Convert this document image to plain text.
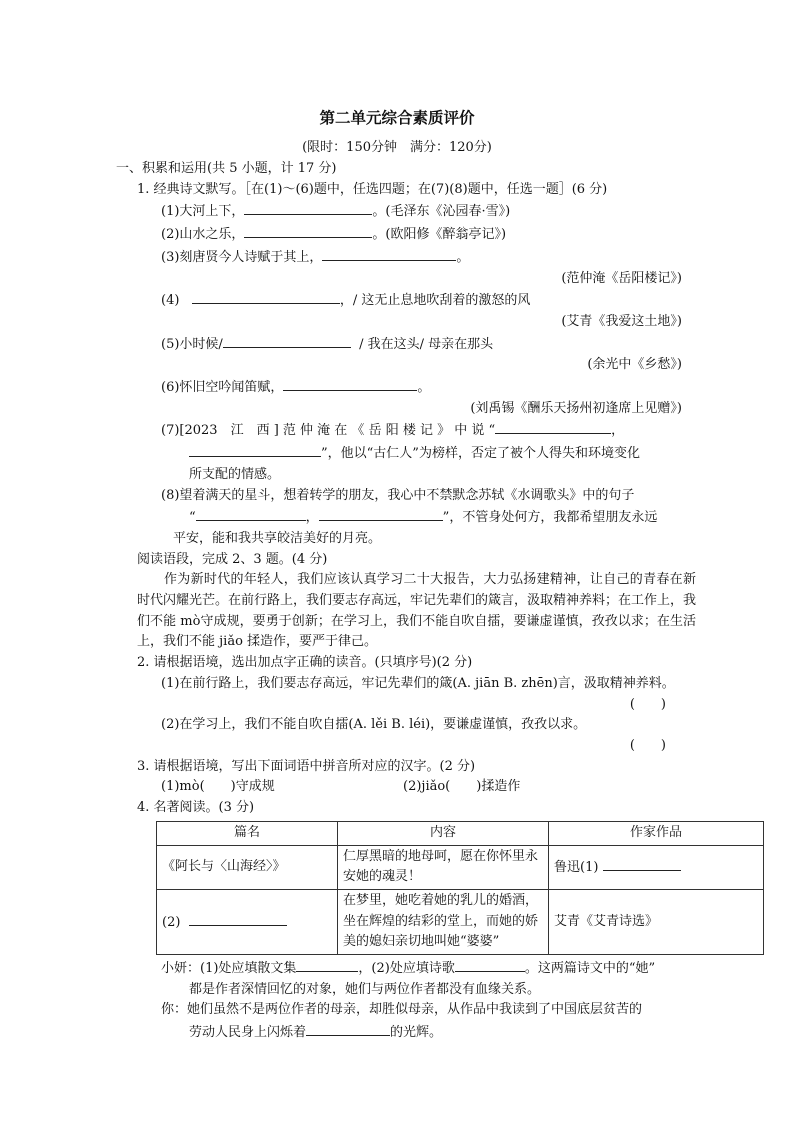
第二单元综合素质评价
(限时：150分钟　满分：120分)
一、积累和运用(共 5 小题，计 17 分)
1. 经典诗文默写。［在(1)～(6)题中，任选四题；在(7)(8)题中，任选一题］(6 分)
(1)大河上下，	。(毛泽东《沁园春·雪》)
(2)山水之乐，	。(欧阳修《醉翁亭记》)
(3)刻唐贤今人诗赋于其上，	。
(范仲淹《岳阳楼记》)
(4)	，/ 这无止息地吹刮着的激怒的风
(艾青《我爱这土地》)
(5)小时候/	/ 我在这头/ 母亲在那头
(余光中《乡愁》)
(6)怀旧空吟闻笛赋，	。
(刘禹锡《酬乐天扬州初逢席上见赠》)
(7)[2023　江　西 ] 范 仲 淹 在 《 岳 阳 楼 记 》 中 说 “	，
”，他以“古仁人”为榜样，否定了被个人得失和环境变化
所支配的情感。
(8)望着满天的星斗，想着转学的朋友，我心中不禁默念苏轼《水调歌头》中的句子
“	，	”，不管身处何方，我都希望朋友永远
平安，能和我共享皎洁美好的月亮。
阅读语段，完成 2、3 题。(4 分)
作为新时代的年轻人，我们应该认真学习二十大报告，大力弘扬建精神，让自己的青春在新时代闪耀光芒。在前行路上，我们要志存高远，牢记先辈们的箴言，汲取精神养料；在工作上，我们不能 mò守成规，要勇于创新；在学习上，我们不能自吹自擂，要谦虚谨慎，孜孜以求；在生活上，我们不能 jiǎo 揉造作，要严于律己。
2. 请根据语境，选出加点字正确的读音。(只填序号)(2 分)
(1)在前行路上，我们要志存高远，牢记先辈们的箴(A. jiān B. zhēn)言，汲取精神养料。
(　　)
(2)在学习上，我们不能自吹自擂(A. lěi B. léi)，要谦虚谨慎，孜孜以求。
(　　)
3. 请根据语境，写出下面词语中拼音所对应的汉字。(2 分)
(1)mò(　　)守成规	(2)jiǎo(　　)揉造作
4. 名著阅读。(3 分)
篇名	内容	作家作品
《阿长与〈山海经〉》	仁厚黑暗的地母呵，愿在你怀里永安她的魂灵！	鲁迅(1)
(2)	在梦里，她吃着她的乳儿的婚酒，坐在辉煌的结彩的堂上，而她的娇美的媳妇亲切地叫她“婆婆”	艾青《艾青诗选》
小妍：(1)处应填散文集	，(2)处应填诗歌	。这两篇诗文中的“她”
都是作者深情回忆的对象，她们与两位作者都没有血缘关系。
你：她们虽然不是两位作者的母亲，却胜似母亲，从作品中我读到了中国底层贫苦的
劳动人民身上闪烁着	的光辉。
